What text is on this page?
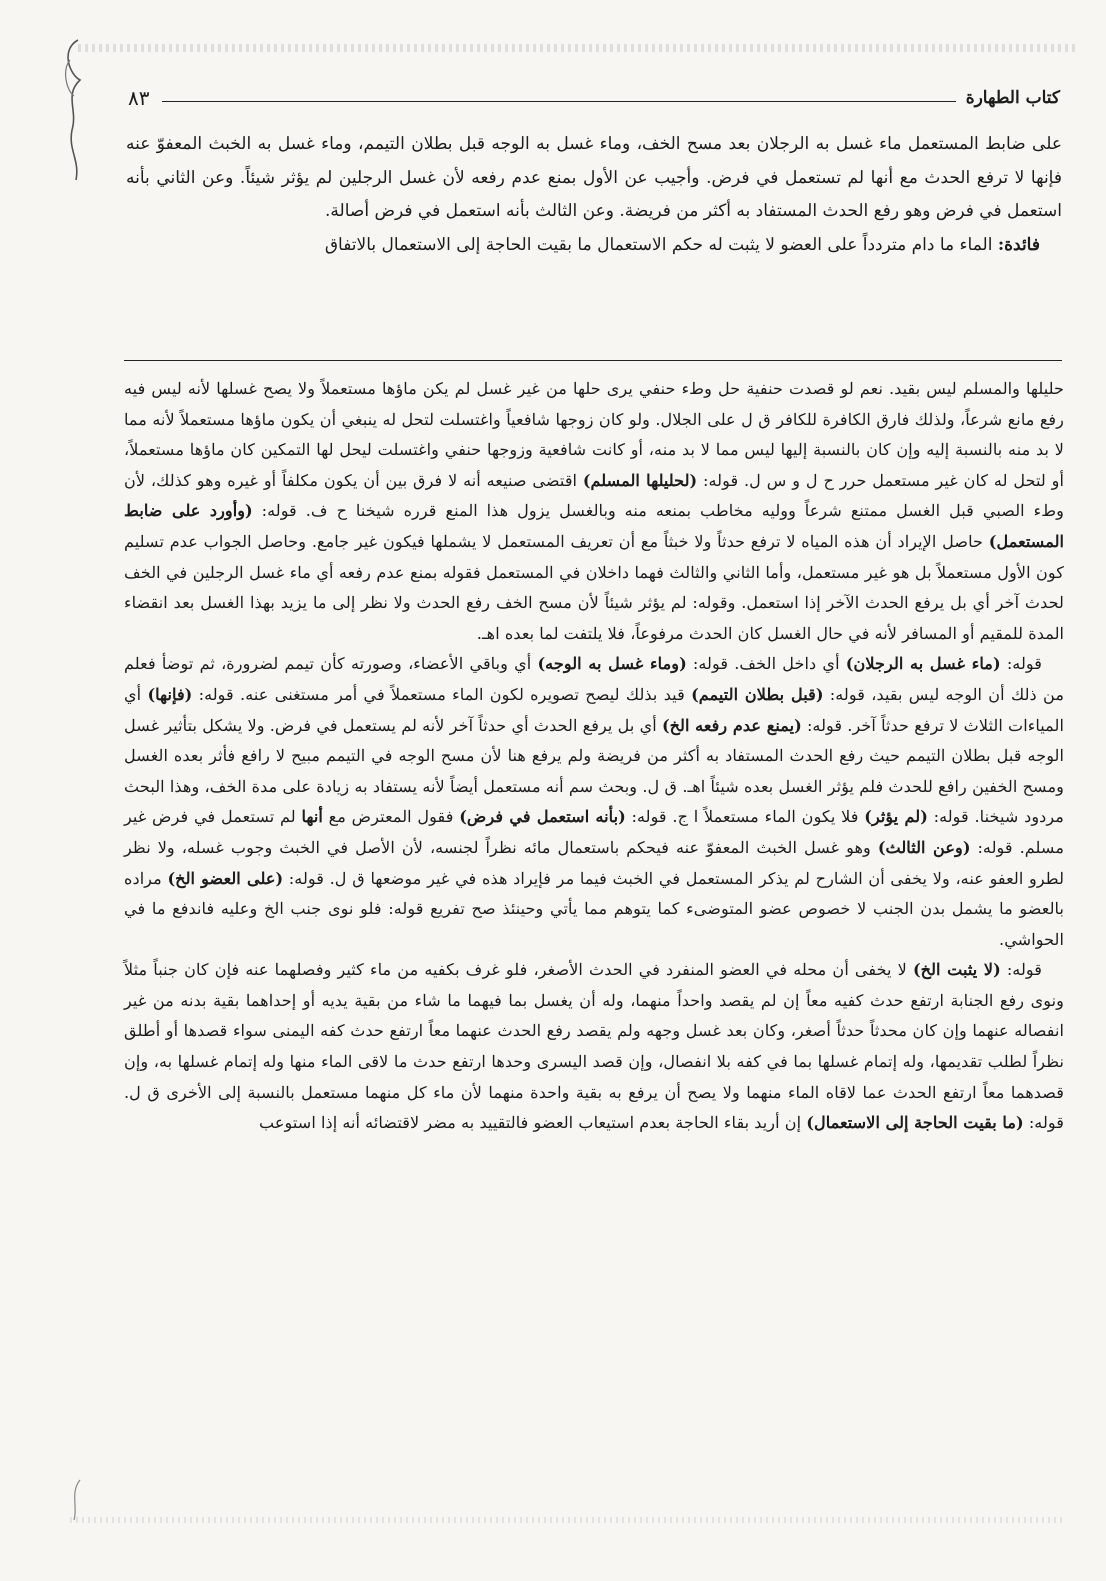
كتاب الطهارة
٨٣

على ضابط المستعمل ماء غسل به الرجلان بعد مسح الخف، وماء غسل به الوجه قبل بطلان التيمم، وماء غسل به الخبث المعفوّ عنه فإنها لا ترفع الحدث مع أنها لم تستعمل في فرض. وأجيب عن الأول بمنع عدم رفعه لأن غسل الرجلين لم يؤثر شيئاً. وعن الثاني بأنه استعمل في فرض وهو رفع الحدث المستفاد به أكثر من فريضة. وعن الثالث بأنه استعمل في فرض أصالة.

فائدة: الماء ما دام متردداً على العضو لا يثبت له حكم الاستعمال ما بقيت الحاجة إلى الاستعمال بالاتفاق

حليلها والمسلم ليس بقيد. نعم لو قصدت حنفية حل وطء حنفي يرى حلها من غير غسل لم يكن ماؤها مستعملاً ولا يصح غسلها لأنه ليس فيه رفع مانع شرعاً، ولذلك فارق الكافرة للكافر ق ل على الجلال. ولو كان زوجها شافعياً واغتسلت لتحل له ينبغي أن يكون ماؤها مستعملاً لأنه مما لا بد منه بالنسبة إليه وإن كان بالنسبة إليها ليس مما لا بد منه، أو كانت شافعية وزوجها حنفي واغتسلت ليحل لها التمكين كان ماؤها مستعملاً، أو لتحل له كان غير مستعمل حرر ح ل و س ل. قوله: (لحليلها المسلم) اقتضى صنيعه أنه لا فرق بين أن يكون مكلفاً أو غيره وهو كذلك، لأن وطء الصبي قبل الغسل ممتنع شرعاً ووليه مخاطب بمنعه منه وبالغسل يزول هذا المنع قرره شيخنا ح ف. قوله: (وأورد على ضابط المستعمل) حاصل الإيراد أن هذه المياه لا ترفع حدثاً ولا خبثاً مع أن تعريف المستعمل لا يشملها فيكون غير جامع. وحاصل الجواب عدم تسليم كون الأول مستعملاً بل هو غير مستعمل، وأما الثاني والثالث فهما داخلان في المستعمل فقوله بمنع عدم رفعه أي ماء غسل الرجلين في الخف لحدث آخر أي بل يرفع الحدث الآخر إذا استعمل. وقوله: لم يؤثر شيئاً لأن مسح الخف رفع الحدث ولا نظر إلى ما يزيد بهذا الغسل بعد انقضاء المدة للمقيم أو المسافر لأنه في حال الغسل كان الحدث مرفوعاً، فلا يلتفت لما بعده اهـ.

قوله: (ماء غسل به الرجلان) أي داخل الخف. قوله: (وماء غسل به الوجه) أي وباقي الأعضاء، وصورته كأن تيمم لضرورة، ثم توضأ فعلم من ذلك أن الوجه ليس بقيد، قوله: (قبل بطلان التيمم) قيد بذلك ليصح تصويره لكون الماء مستعملاً في أمر مستغنى عنه. قوله: (فإنها) أي المياءات الثلاث لا ترفع حدثاً آخر. قوله: (يمنع عدم رفعه الخ) أي بل يرفع الحدث أي حدثاً آخر لأنه لم يستعمل في فرض. ولا يشكل بتأثير غسل الوجه قبل بطلان التيمم حيث رفع الحدث المستفاد به أكثر من فريضة ولم يرفع هنا لأن مسح الوجه في التيمم مبيح لا رافع فأثر بعده الغسل ومسح الخفين رافع للحدث فلم يؤثر الغسل بعده شيئاً اهـ. ق ل. وبحث سم أنه مستعمل أيضاً لأنه يستفاد به زيادة على مدة الخف، وهذا البحث مردود شيخنا. قوله: (لم يؤثر) فلا يكون الماء مستعملاً ا ج. قوله: (بأنه استعمل في فرض) فقول المعترض مع أنها لم تستعمل في فرض غير مسلم. قوله: (وعن الثالث) وهو غسل الخبث المعفوّ عنه فيحكم باستعمال مائه نظراً لجنسه، لأن الأصل في الخبث وجوب غسله، ولا نظر لطرو العفو عنه، ولا يخفى أن الشارح لم يذكر المستعمل في الخبث فيما مر فإيراد هذه في غير موضعها ق ل. قوله: (على العضو الخ) مراده بالعضو ما يشمل بدن الجنب لا خصوص عضو المتوضىء كما يتوهم مما يأتي وحينئذ صح تفريع قوله: فلو نوى جنب الخ وعليه فاندفع ما في الحواشي.

قوله: (لا يثبت الخ) لا يخفى أن محله في العضو المنفرد في الحدث الأصغر، فلو غرف بكفيه من ماء كثير وفصلهما عنه فإن كان جنباً مثلاً ونوى رفع الجنابة ارتفع حدث كفيه معاً إن لم يقصد واحداً منهما، وله أن يغسل بما فيهما ما شاء من بقية يديه أو إحداهما بقية بدنه من غير انفصاله عنهما وإن كان محدثاً حدثاً أصغر، وكان بعد غسل وجهه ولم يقصد رفع الحدث عنهما معاً ارتفع حدث كفه اليمنى سواء قصدها أو أطلق نظراً لطلب تقديمها، وله إتمام غسلها بما في كفه بلا انفصال، وإن قصد اليسرى وحدها ارتفع حدث ما لاقى الماء منها وله إتمام غسلها به، وإن قصدهما معاً ارتفع الحدث عما لاقاه الماء منهما ولا يصح أن يرفع به بقية واحدة منهما لأن ماء كل منهما مستعمل بالنسبة إلى الأخرى ق ل. قوله: (ما بقيت الحاجة إلى الاستعمال) إن أريد بقاء الحاجة بعدم استيعاب العضو فالتقييد به مضر لاقتضائه أنه إذا استوعب
